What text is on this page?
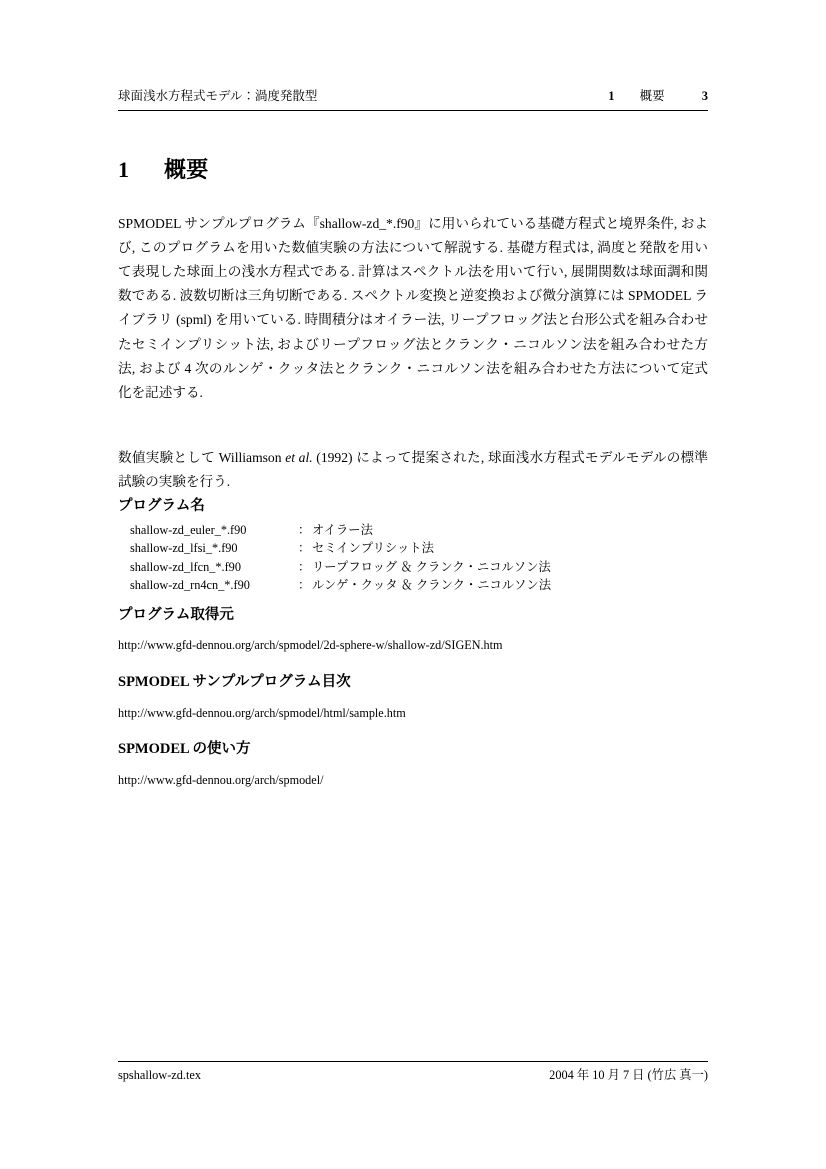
球面浅水方程式モデル：渦度発散型	1 概要	3
1 概要

SPMODEL サンプルプログラム『shallow-zd_*.f90』に用いられている基礎方程式と境界条件, および, このプログラムを用いた数値実験の方法について解説する. 基礎方程式は, 渦度と発散を用いて表現した球面上の浅水方程式である. 計算はスペクトル法を用いて行い, 展開関数は球面調和関数である. 波数切断は三角切断である. スペクトル変換と逆変換および微分演算には SPMODEL ライブラリ (spml) を用いている. 時間積分はオイラー法, リープフロッグ法と台形公式を組み合わせたセミインプリシット法, およびリープフロッグ法とクランク・ニコルソン法を組み合わせた方法, および 4 次のルンゲ・クッタ法とクランク・ニコルソン法を組み合わせた方法について定式化を記述する.

数値実験として Williamson et al. (1992) によって提案された, 球面浅水方程式モデルモデルの標準試験の実験を行う.

プログラム名
shallow-zd_euler_*.f90	： オイラー法
shallow-zd_lfsi_*.f90	： セミインプリシット法
shallow-zd_lfcn_*.f90	： リープフロッグ ＆ クランク・ニコルソン法
shallow-zd_rn4cn_*.f90	： ルンゲ・クッタ ＆ クランク・ニコルソン法
プログラム取得元
http://www.gfd-dennou.org/arch/spmodel/2d-sphere-w/shallow-zd/SIGEN.htm
SPMODEL サンプルプログラム目次
http://www.gfd-dennou.org/arch/spmodel/html/sample.htm
SPMODEL の使い方
http://www.gfd-dennou.org/arch/spmodel/
spshallow-zd.tex	2004 年 10 月 7 日 (竹広 真一)
